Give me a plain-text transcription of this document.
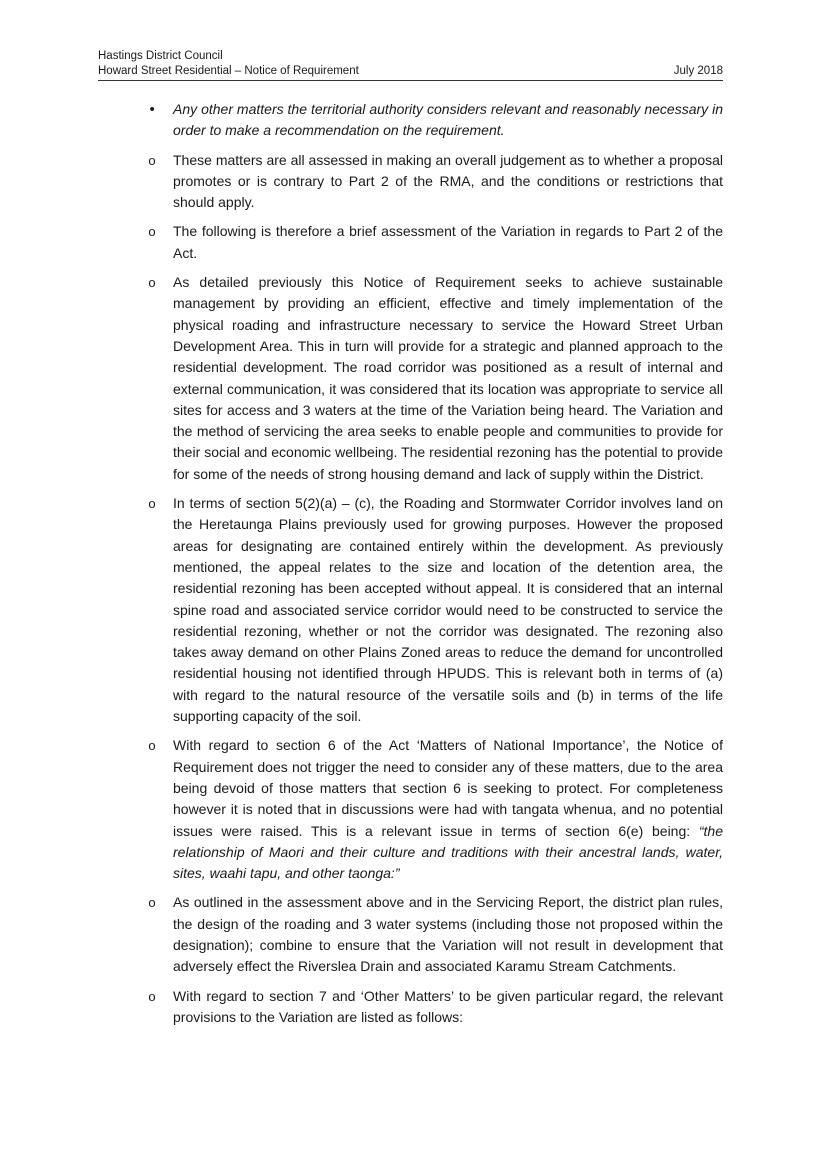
Hastings District Council
Howard Street Residential – Notice of Requirement	July 2018
• Any other matters the territorial authority considers relevant and reasonably necessary in order to make a recommendation on the requirement.
o These matters are all assessed in making an overall judgement as to whether a proposal promotes or is contrary to Part 2 of the RMA, and the conditions or restrictions that should apply.
o The following is therefore a brief assessment of the Variation in regards to Part 2 of the Act.
o As detailed previously this Notice of Requirement seeks to achieve sustainable management by providing an efficient, effective and timely implementation of the physical roading and infrastructure necessary to service the Howard Street Urban Development Area. This in turn will provide for a strategic and planned approach to the residential development. The road corridor was positioned as a result of internal and external communication, it was considered that its location was appropriate to service all sites for access and 3 waters at the time of the Variation being heard. The Variation and the method of servicing the area seeks to enable people and communities to provide for their social and economic wellbeing. The residential rezoning has the potential to provide for some of the needs of strong housing demand and lack of supply within the District.
o In terms of section 5(2)(a) – (c), the Roading and Stormwater Corridor involves land on the Heretaunga Plains previously used for growing purposes. However the proposed areas for designating are contained entirely within the development. As previously mentioned, the appeal relates to the size and location of the detention area, the residential rezoning has been accepted without appeal. It is considered that an internal spine road and associated service corridor would need to be constructed to service the residential rezoning, whether or not the corridor was designated. The rezoning also takes away demand on other Plains Zoned areas to reduce the demand for uncontrolled residential housing not identified through HPUDS. This is relevant both in terms of (a) with regard to the natural resource of the versatile soils and (b) in terms of the life supporting capacity of the soil.
o With regard to section 6 of the Act ‘Matters of National Importance’, the Notice of Requirement does not trigger the need to consider any of these matters, due to the area being devoid of those matters that section 6 is seeking to protect. For completeness however it is noted that in discussions were had with tangata whenua, and no potential issues were raised. This is a relevant issue in terms of section 6(e) being: “the relationship of Maori and their culture and traditions with their ancestral lands, water, sites, waahi tapu, and other taonga:”
o As outlined in the assessment above and in the Servicing Report, the district plan rules, the design of the roading and 3 water systems (including those not proposed within the designation); combine to ensure that the Variation will not result in development that adversely effect the Riverslea Drain and associated Karamu Stream Catchments.
o With regard to section 7 and ‘Other Matters’ to be given particular regard, the relevant provisions to the Variation are listed as follows:
